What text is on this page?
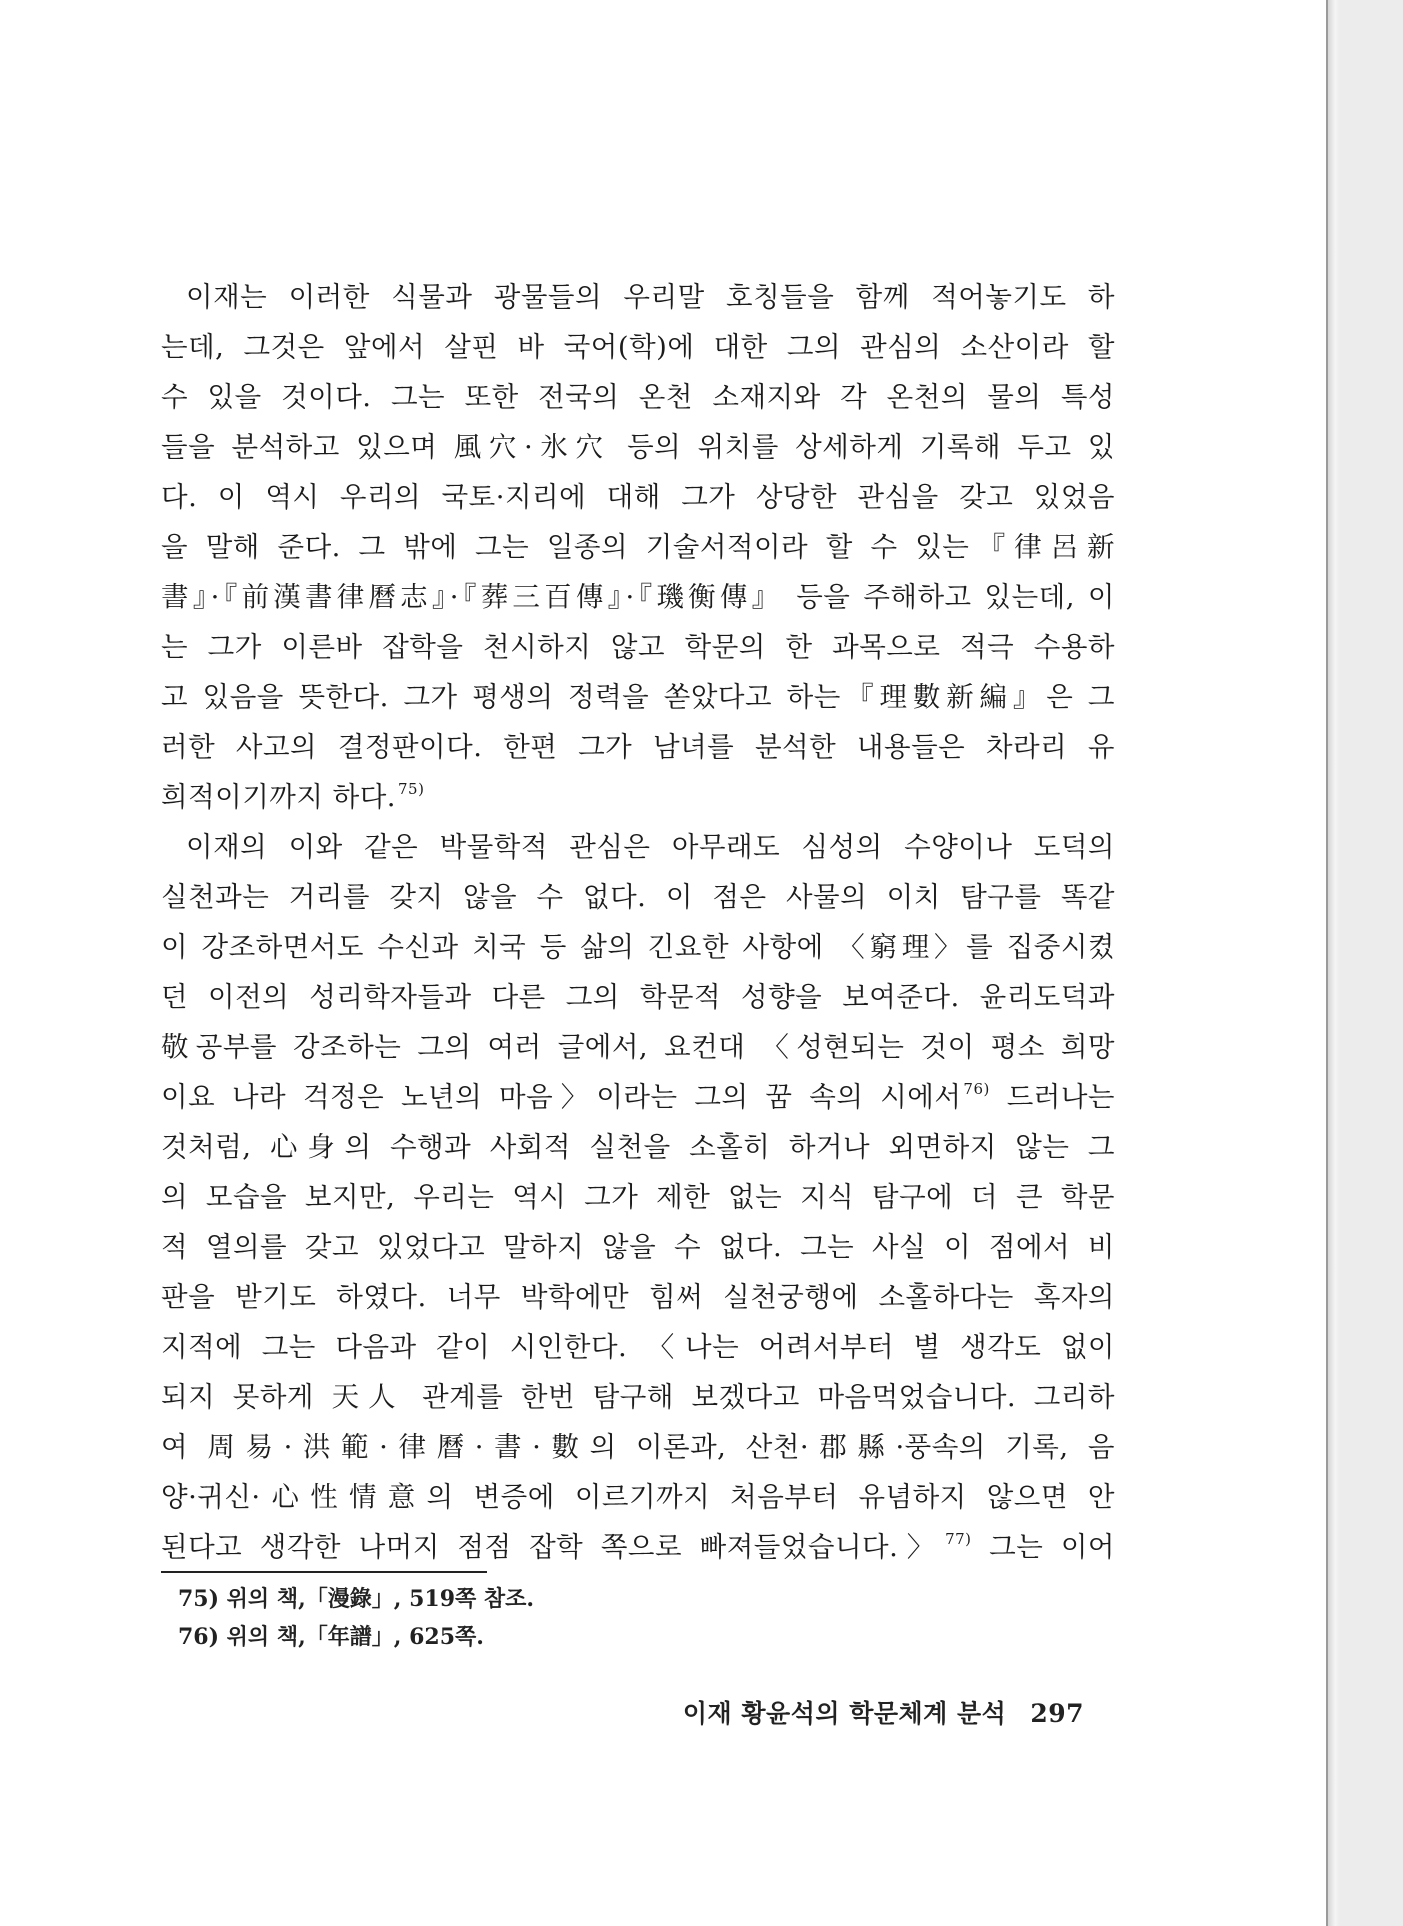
이재는 이러한 식물과 광물들의 우리말 호칭들을 함께 적어놓기도 하
는데, 그것은 앞에서 살핀 바 국어(학)에 대한 그의 관심의 소산이라 할
수 있을 것이다. 그는 또한 전국의 온천 소재지와 각 온천의 물의 특성
들을 분석하고 있으며 風穴·氷穴 등의 위치를 상세하게 기록해 두고 있
다. 이 역시 우리의 국토·지리에 대해 그가 상당한 관심을 갖고 있었음
을 말해 준다. 그 밖에 그는 일종의 기술서적이라 할 수 있는『律呂新
書』·『前漢書律曆志』·『葬三百傳』·『璣衡傳』 등을 주해하고 있는데, 이
는 그가 이른바 잡학을 천시하지 않고 학문의 한 과목으로 적극 수용하
고 있음을 뜻한다. 그가 평생의 정력을 쏟았다고 하는『理數新編』은 그
러한 사고의 결정판이다. 한편 그가 남녀를 분석한 내용들은 차라리 유
희적이기까지 하다. $^{75)}$
이재의 이와 같은 박물학적 관심은 아무래도 심성의 수양이나 도덕의
실천과는 거리를 갖지 않을 수 없다. 이 점은 사물의 이치 탐구를 똑같
이 강조하면서도 수신과 치국 등 삶의 긴요한 사항에 〈窮理〉를 집중시켰
던 이전의 성리학자들과 다른 그의 학문적 성향을 보여준다. 윤리도덕과
敬공부를 강조하는 그의 여러 글에서, 요컨대 〈성현되는 것이 평소 희망
이요 나라 걱정은 노년의 마음〉이라는 그의 꿈 속의 시에서 $^{76)}$ 드러나는
것처럼, 心身의 수행과 사회적 실천을 소홀히 하거나 외면하지 않는 그
의 모습을 보지만, 우리는 역시 그가 제한 없는 지식 탐구에 더 큰 학문
적 열의를 갖고 있었다고 말하지 않을 수 없다. 그는 사실 이 점에서 비
판을 받기도 하였다. 너무 박학에만 힘써 실천궁행에 소홀하다는 혹자의
지적에 그는 다음과 같이 시인한다. 〈나는 어려서부터 별 생각도 없이
되지 못하게 天人 관계를 한번 탐구해 보겠다고 마음먹었습니다. 그리하
여 周易·洪範·律曆·書·數의 이론과, 산천·郡縣·풍속의 기록, 음
양·귀신·心性情意의 변증에 이르기까지 처음부터 유념하지 않으면 안
된다고 생각한 나머지 점점 잡학 쪽으로 빠져들었습니다.〉 $^{77)}$ 그는 이어
75) 위의 책,「漫錄」, 519쪽 참조.
76) 위의 책,「年譜」, 625쪽.
이재 황윤석의 학문체계 분석 297
